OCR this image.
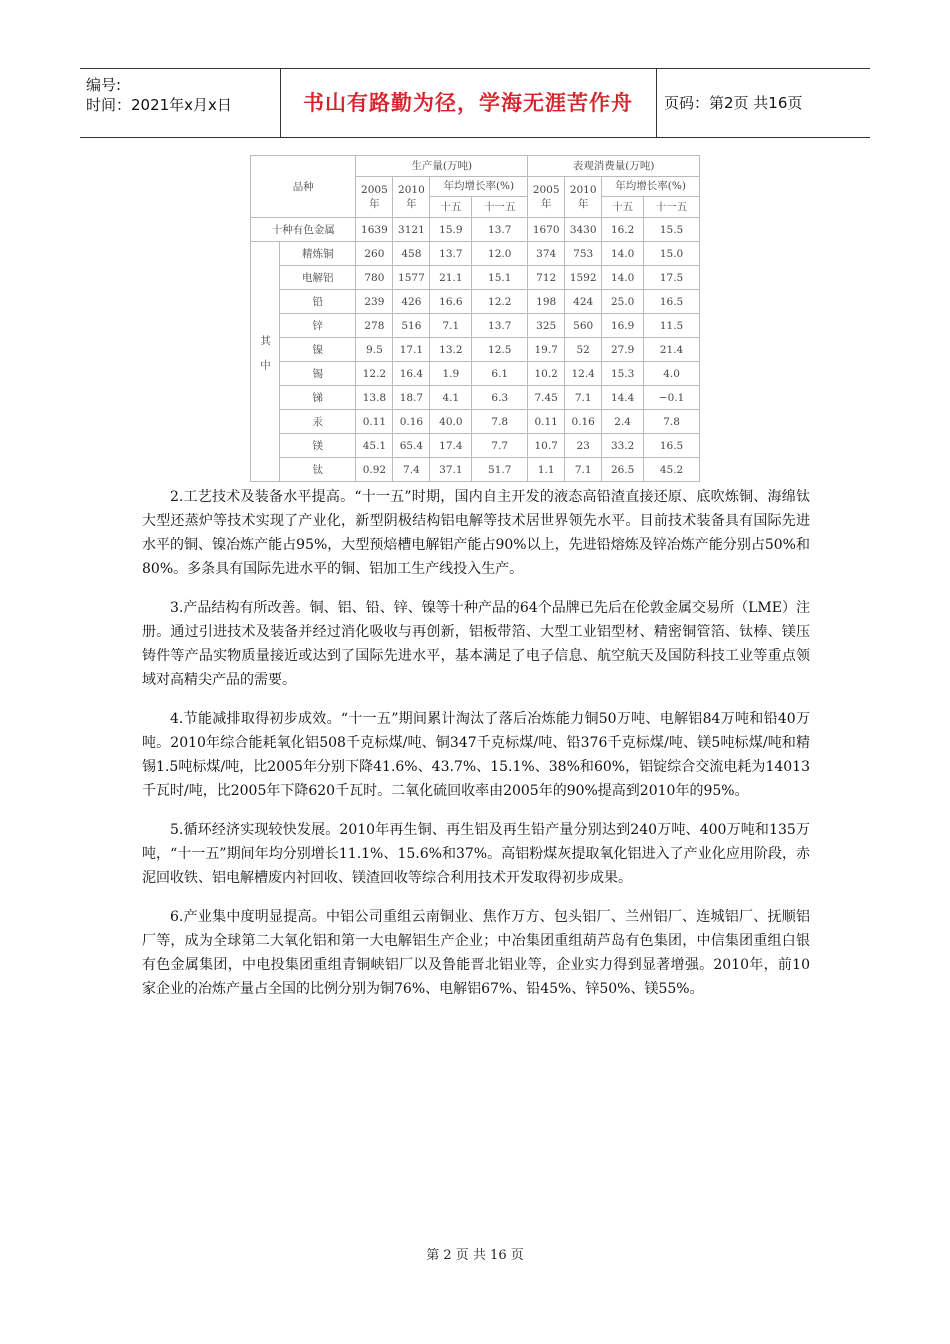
编号:
时间：2021年x月x日	书山有路勤为径，学海无涯苦作舟	页码：第2页 共16页
品种		生产量(万吨)				表观消费量(万吨)			
		2005年	2010年	年均增长率(%)		2005年	2010年	年均增长率(%)	
				十五	十一五			十五	十一五
十种有色金属		1639	3121	15.9	13.7	1670	3430	16.2	15.5
其中	精炼铜	260	458	13.7	12.0	374	753	14.0	15.0
	电解铝	780	1577	21.1	15.1	712	1592	14.0	17.5
	铅	239	426	16.6	12.2	198	424	25.0	16.5
	锌	278	516	7.1	13.7	325	560	16.9	11.5
	镍	9.5	17.1	13.2	12.5	19.7	52	27.9	21.4
	锡	12.2	16.4	1.9	6.1	10.2	12.4	15.3	4.0
	锑	13.8	18.7	4.1	6.3	7.45	7.1	14.4	−0.1
	汞	0.11	0.16	40.0	7.8	0.11	0.16	2.4	7.8
	镁	45.1	65.4	17.4	7.7	10.7	23	33.2	16.5
	钛	0.92	7.4	37.1	51.7	1.1	7.1	26.5	45.2

2.工艺技术及装备水平提高。“十一五”时期，国内自主开发的液态高铅渣直接还原、底吹炼铜、海绵钛大型还蒸炉等技术实现了产业化，新型阴极结构铝电解等技术居世界领先水平。目前技术装备具有国际先进水平的铜、镍冶炼产能占95%，大型预焙槽电解铝产能占90%以上，先进铅熔炼及锌冶炼产能分别占50%和80%。多条具有国际先进水平的铜、铝加工生产线投入生产。

3.产品结构有所改善。铜、铝、铅、锌、镍等十种产品的64个品牌已先后在伦敦金属交易所（LME）注册。通过引进技术及装备并经过消化吸收与再创新，铝板带箔、大型工业铝型材、精密铜管箔、钛棒、镁压铸件等产品实物质量接近或达到了国际先进水平，基本满足了电子信息、航空航天及国防科技工业等重点领域对高精尖产品的需要。

4.节能减排取得初步成效。“十一五”期间累计淘汰了落后冶炼能力铜50万吨、电解铝84万吨和铅40万吨。2010年综合能耗氧化铝508千克标煤/吨、铜347千克标煤/吨、铅376千克标煤/吨、镁5吨标煤/吨和精锡1.5吨标煤/吨，比2005年分别下降41.6%、43.7%、15.1%、38%和60%，铝锭综合交流电耗为14013千瓦时/吨，比2005年下降620千瓦时。二氧化硫回收率由2005年的90%提高到2010年的95%。

5.循环经济实现较快发展。2010年再生铜、再生铝及再生铅产量分别达到240万吨、400万吨和135万吨，“十一五”期间年均分别增长11.1%、15.6%和37%。高铝粉煤灰提取氧化铝进入了产业化应用阶段，赤泥回收铁、铝电解槽废内衬回收、镁渣回收等综合利用技术开发取得初步成果。

6.产业集中度明显提高。中铝公司重组云南铜业、焦作万方、包头铝厂、兰州铝厂、连城铝厂、抚顺铝厂等，成为全球第二大氧化铝和第一大电解铝生产企业；中冶集团重组葫芦岛有色集团，中信集团重组白银有色金属集团，中电投集团重组青铜峡铝厂以及鲁能晋北铝业等，企业实力得到显著增强。2010年，前10家企业的冶炼产量占全国的比例分别为铜76%、电解铝67%、铅45%、锌50%、镁55%。

第 2 页 共 16 页
